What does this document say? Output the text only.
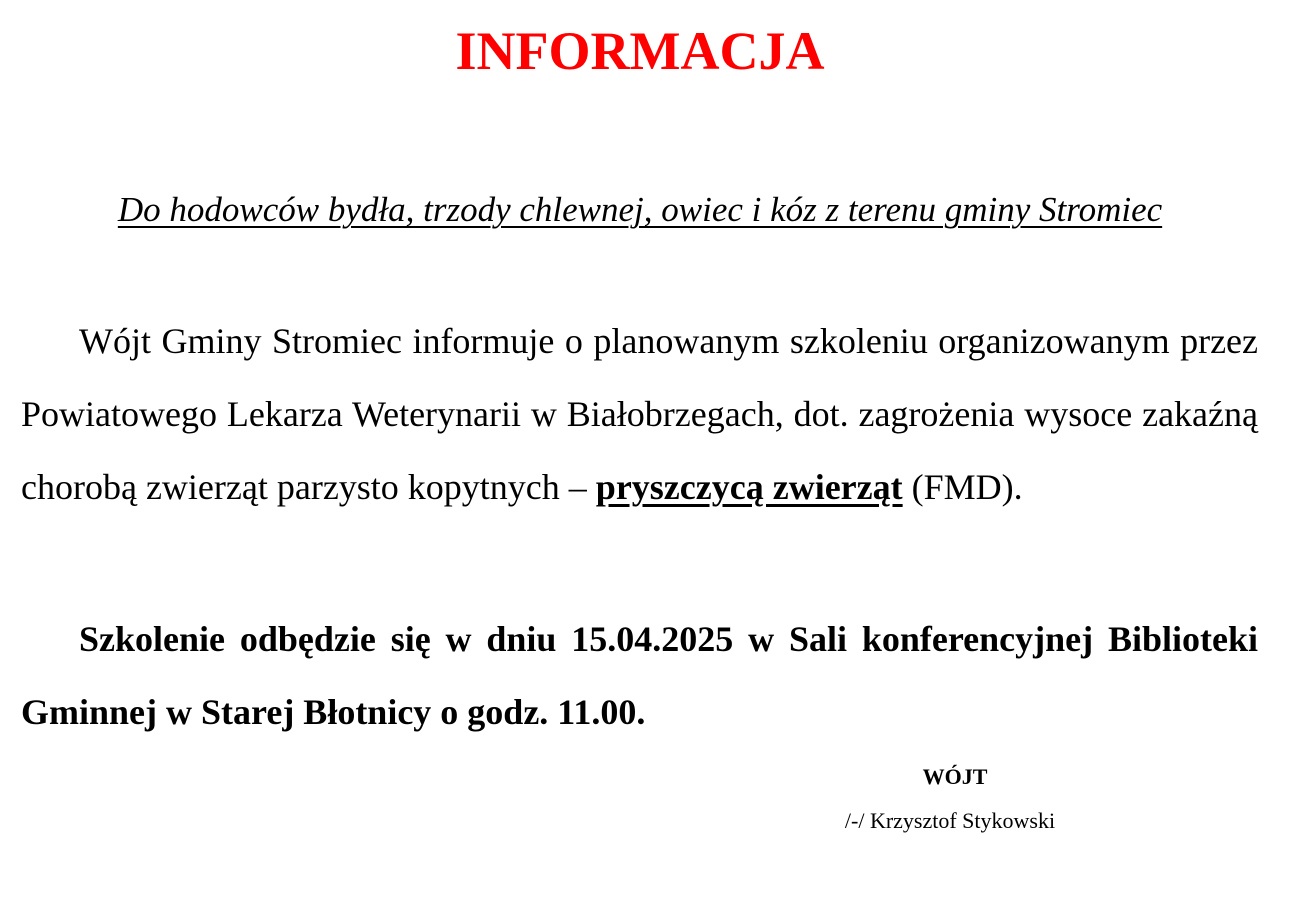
INFORMACJA

Do hodowców bydła, trzody chlewnej, owiec i kóz z terenu gminy Stromiec

Wójt Gminy Stromiec informuje o planowanym szkoleniu organizowanym przez Powiatowego Lekarza Weterynarii w Białobrzegach, dot. zagrożenia wysoce zakaźną chorobą zwierząt parzysto kopytnych – pryszczycą zwierząt (FMD).

Szkolenie odbędzie się w dniu 15.04.2025 w Sali konferencyjnej Biblioteki Gminnej w Starej Błotnicy o godz. 11.00.

WÓJT

/-/ Krzysztof Stykowski
